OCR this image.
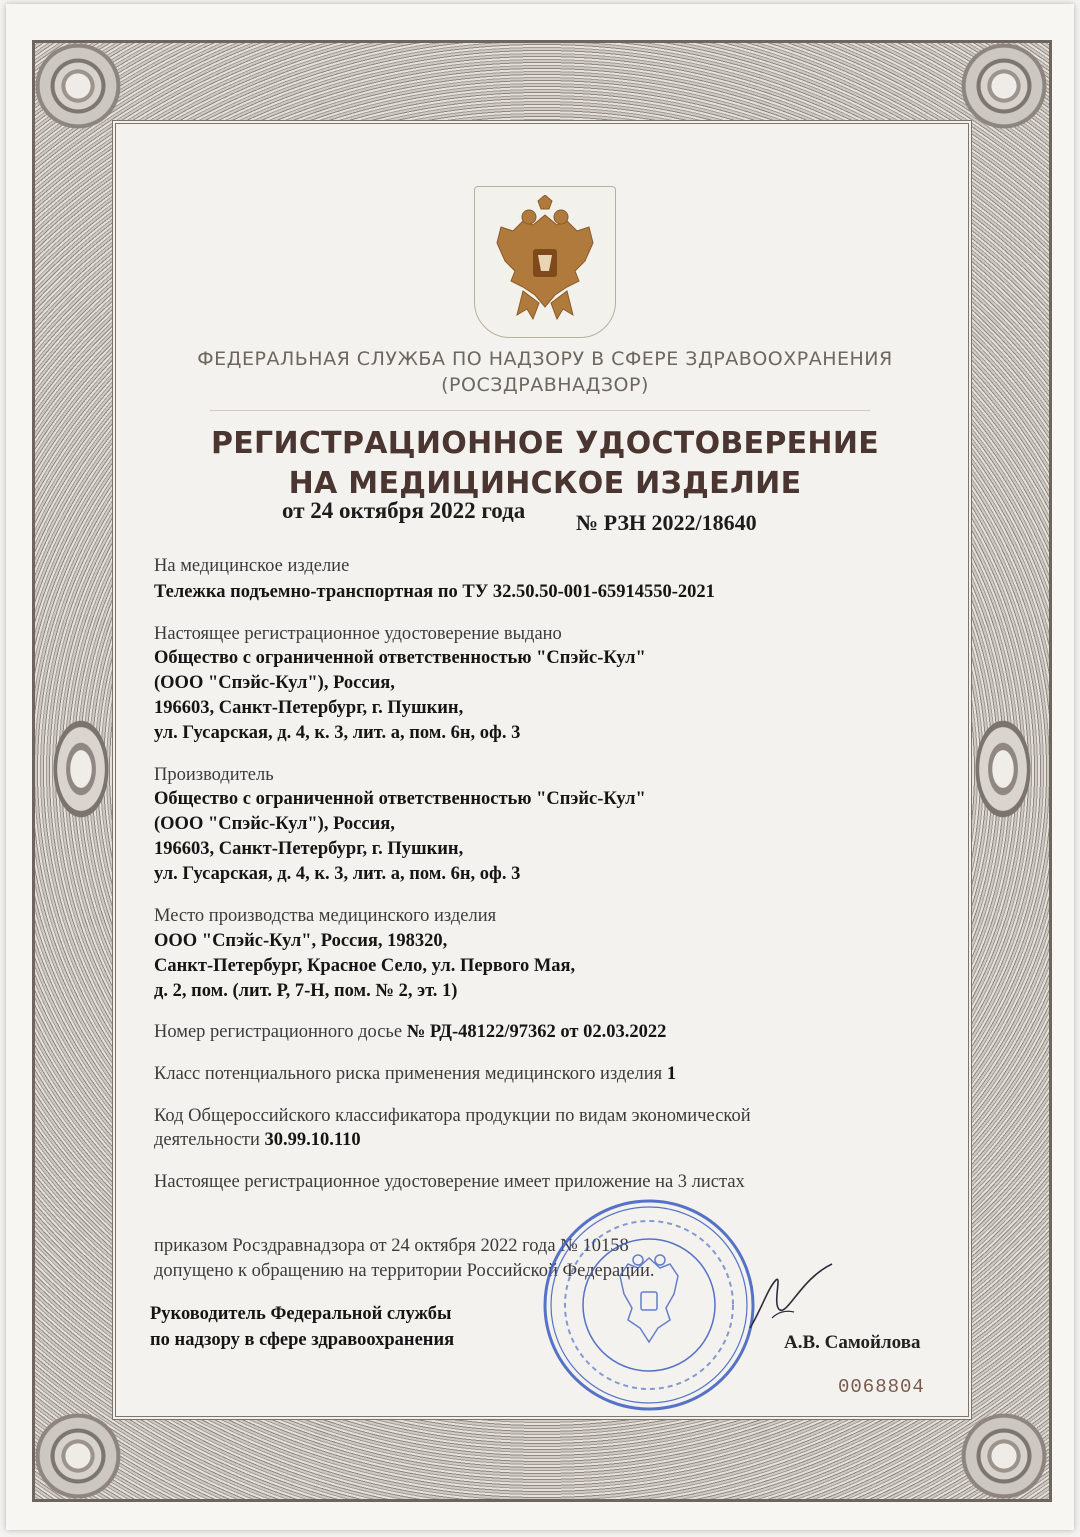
ФЕДЕРАЛЬНАЯ СЛУЖБА ПО НАДЗОРУ В СФЕРЕ ЗДРАВООХРАНЕНИЯ
(РОСЗДРАВНАДЗОР)
РЕГИСТРАЦИОННОЕ УДОСТОВЕРЕНИЕ
НА МЕДИЦИНСКОЕ ИЗДЕЛИЕ
от 24 октября 2022 года № РЗН 2022/18640
На медицинское изделие
Тележка подъемно-транспортная по ТУ 32.50.50-001-65914550-2021
Настоящее регистрационное удостоверение выдано
Общество с ограниченной ответственностью "Спэйс-Кул"
(ООО "Спэйс-Кул"), Россия,
196603, Санкт-Петербург, г. Пушкин,
ул. Гусарская, д. 4, к. 3, лит. а, пом. 6н, оф. 3
Производитель
Общество с ограниченной ответственностью "Спэйс-Кул"
(ООО "Спэйс-Кул"), Россия,
196603, Санкт-Петербург, г. Пушкин,
ул. Гусарская, д. 4, к. 3, лит. а, пом. 6н, оф. 3
Место производства медицинского изделия
ООО "Спэйс-Кул", Россия, 198320,
Санкт-Петербург, Красное Село, ул. Первого Мая,
д. 2, пом. (лит. Р, 7-Н, пом. № 2, эт. 1)
Номер регистрационного досье № РД-48122/97362 от 02.03.2022
Класс потенциального риска применения медицинского изделия 1
Код Общероссийского классификатора продукции по видам экономической
деятельности 30.99.10.110
Настоящее регистрационное удостоверение имеет приложение на 3 листах
приказом Росздравнадзора от 24 октября 2022 года № 10158
допущено к обращению на территории Российской Федерации.
Руководитель Федеральной службы
по надзору в сфере здравоохранения	А.В. Самойлова
0068804
